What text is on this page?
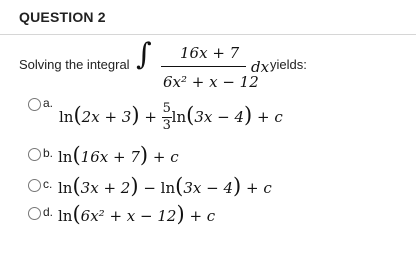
QUESTION 2
Solving the integral ∫ 16x + 7
6x² + x − 12
dx yields:
a.
$\ln(2x + 3) + \frac{5}{3} \ln(3x - 4) + c$
b. ln(16x + 7) + c
c. ln(3x + 2) − ln(3x − 4) + c
d. ln(6x² + x − 12) + c
